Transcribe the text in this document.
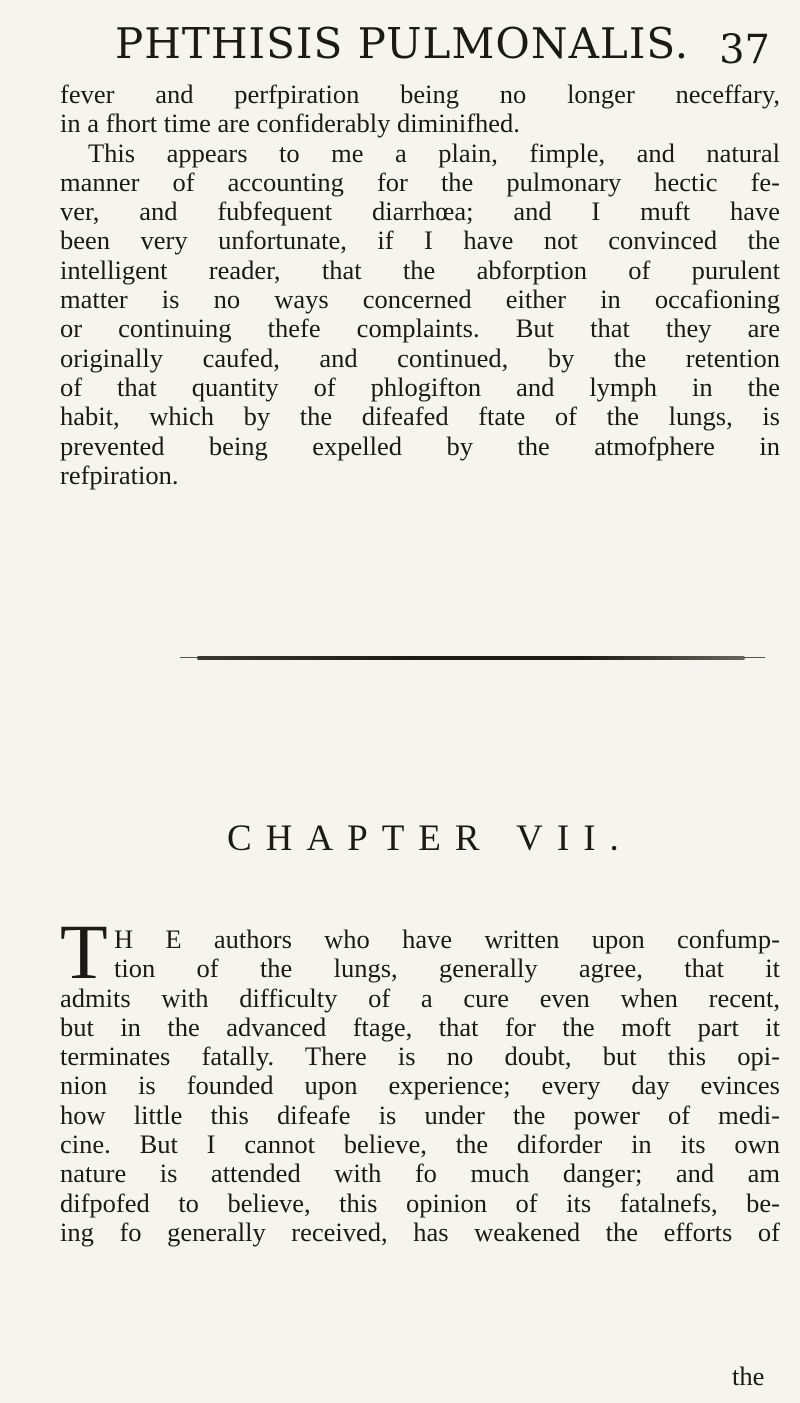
PHTHISIS PULMONALIS. 37
fever and perfpiration being no longer neceffary,
in a fhort time are confiderably diminifhed.
This appears to me a plain, fimple, and natural
manner of accounting for the pulmonary hectic fe-
ver, and fubfequent diarrhœa; and I muft have
been very unfortunate, if I have not convinced the
intelligent reader, that the abforption of purulent
matter is no ways concerned either in occafioning
or continuing thefe complaints. But that they are
originally caufed, and continued, by the retention
of that quantity of phlogifton and lymph in the
habit, which by the difeafed ftate of the lungs, is
prevented being expelled by the atmofphere in
refpiration.
CHAPTER VII.
T H E authors who have written upon confump-
tion of the lungs, generally agree, that it
admits with difficulty of a cure even when recent,
but in the advanced ftage, that for the moft part it
terminates fatally. There is no doubt, but this opi-
nion is founded upon experience; every day evinces
how little this difeafe is under the power of medi-
cine. But I cannot believe, the diforder in its own
nature is attended with fo much danger; and am
difpofed to believe, this opinion of its fatalnefs, be-
ing fo generally received, has weakened the efforts of
the
